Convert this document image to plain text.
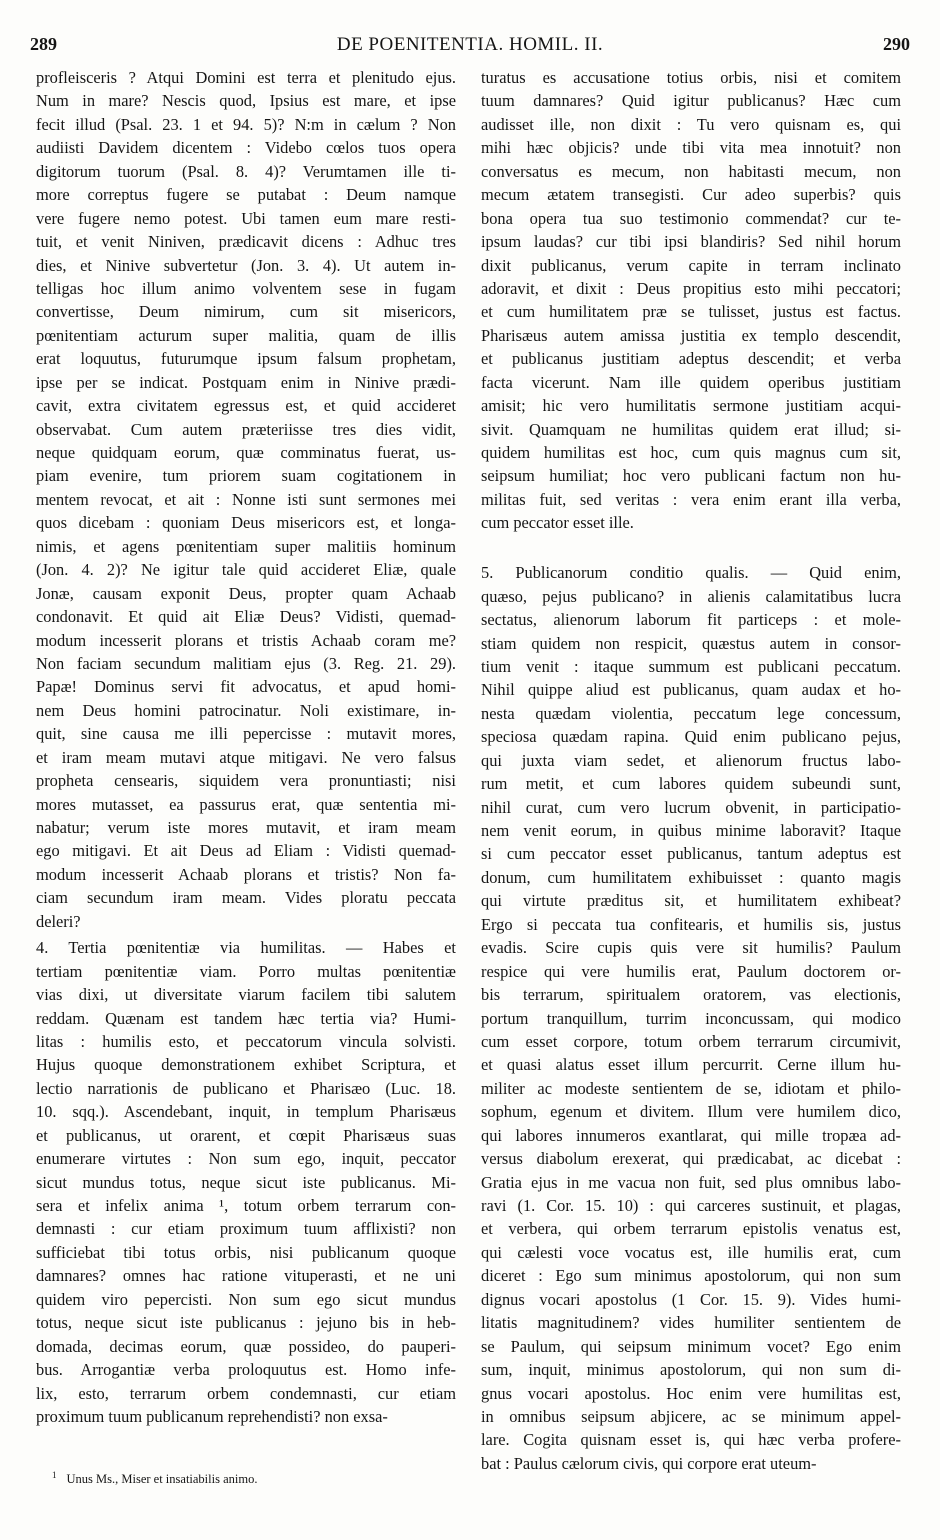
289	DE POENITENTIA. HOMIL. II.	290
profleisceris ? Atqui Domini est terra et plenitudo ejus.
Num in mare? Nescis quod, Ipsius est mare, et ipse
fecit illud (Psal. 23. 1 et 94. 5)? N:m in cælum ? Non
audiisti Davidem dicentem : Videbo cœlos tuos opera
digitorum tuorum (Psal. 8. 4)? Verumtamen ille ti-
more correptus fugere se putabat : Deum namque
vere fugere nemo potest. Ubi tamen eum mare resti-
tuit, et venit Niniven, prædicavit dicens : Adhuc tres
dies, et Ninive subvertetur (Jon. 3. 4). Ut autem in-
telligas hoc illum animo volventem sese in fugam
convertisse, Deum nimirum, cum sit misericors,
pœnitentiam acturum super malitia, quam de illis
erat loquutus, futurumque ipsum falsum prophetam,
ipse per se indicat. Postquam enim in Ninive prædi-
cavit, extra civitatem egressus est, et quid accideret
observabat. Cum autem præteriisse tres dies vidit,
neque quidquam eorum, quæ comminatus fuerat, us-
piam evenire, tum priorem suam cogitationem in
mentem revocat, et ait : Nonne isti sunt sermones mei
quos dicebam : quoniam Deus misericors est, et longa-
nimis, et agens pœnitentiam super malitiis hominum
(Jon. 4. 2)? Ne igitur tale quid accideret Eliæ, quale
Jonæ, causam exponit Deus, propter quam Achaab
condonavit. Et quid ait Eliæ Deus? Vidisti, quemad-
modum incesserit plorans et tristis Achaab coram me?
Non faciam secundum malitiam ejus (3. Reg. 21. 29).
Papæ! Dominus servi fit advocatus, et apud homi-
nem Deus homini patrocinatur. Noli existimare, in-
quit, sine causa me illi pepercisse : mutavit mores,
et iram meam mutavi atque mitigavi. Ne vero falsus
propheta censearis, siquidem vera pronuntiasti; nisi
mores mutasset, ea passurus erat, quæ sententia mi-
nabatur; verum iste mores mutavit, et iram meam
ego mitigavi. Et ait Deus ad Eliam : Vidisti quemad-
modum incesserit Achaab plorans et tristis? Non fa-
ciam secundum iram meam. Vides ploratu peccata
deleri?
4. Tertia pœnitentiæ via humilitas. — Habes et
tertiam pœnitentiæ viam. Porro multas pœnitentiæ
vias dixi, ut diversitate viarum facilem tibi salutem
reddam. Quænam est tandem hæc tertia via? Humi-
litas : humilis esto, et peccatorum vincula solvisti.
Hujus quoque demonstrationem exhibet Scriptura, et
lectio narrationis de publicano et Pharisæo (Luc. 18.
10. sqq.). Ascendebant, inquit, in templum Pharisæus
et publicanus, ut orarent, et cœpit Pharisæus suas
enumerare virtutes : Non sum ego, inquit, peccator
sicut mundus totus, neque sicut iste publicanus. Mi-
sera et infelix anima ¹, totum orbem terrarum con-
demnasti : cur etiam proximum tuum afflixisti? non
sufficiebat tibi totus orbis, nisi publicanum quoque
damnares? omnes hac ratione vituperasti, et ne uni
quidem viro pepercisti. Non sum ego sicut mundus
totus, neque sicut iste publicanus : jejuno bis in heb-
domada, decimas eorum, quæ possideo, do pauperi-
bus. Arrogantiæ verba proloquutus est. Homo infe-
lix, esto, terrarum orbem condemnasti, cur etiam
proximum tuum publicanum reprehendisti? non exsa-
turatus es accusatione totius orbis, nisi et comitem
tuum damnares? Quid igitur publicanus? Hæc cum
audisset ille, non dixit : Tu vero quisnam es, qui
mihi hæc objicis? unde tibi vita mea innotuit? non
conversatus es mecum, non habitasti mecum, non
mecum ætatem transegisti. Cur adeo superbis? quis
bona opera tua suo testimonio commendat? cur te-
ipsum laudas? cur tibi ipsi blandiris? Sed nihil horum
dixit publicanus, verum capite in terram inclinato
adoravit, et dixit : Deus propitius esto mihi peccatori;
et cum humilitatem præ se tulisset, justus est factus.
Pharisæus autem amissa justitia ex templo descendit,
et publicanus justitiam adeptus descendit; et verba
facta vicerunt. Nam ille quidem operibus justitiam
amisit; hic vero humilitatis sermone justitiam acqui-
sivit. Quamquam ne humilitas quidem erat illud; si-
quidem humilitas est hoc, cum quis magnus cum sit,
seipsum humiliat; hoc vero publicani factum non hu-
militas fuit, sed veritas : vera enim erant illa verba,
cum peccator esset ille.
5. Publicanorum conditio qualis. — Quid enim,
quæso, pejus publicano? in alienis calamitatibus lucra
sectatus, alienorum laborum fit particeps : et mole-
stiam quidem non respicit, quæstus autem in consor-
tium venit : itaque summum est publicani peccatum.
Nihil quippe aliud est publicanus, quam audax et ho-
nesta quædam violentia, peccatum lege concessum,
speciosa quædam rapina. Quid enim publicano pejus,
qui juxta viam sedet, et alienorum fructus labo-
rum metit, et cum labores quidem subeundi sunt,
nihil curat, cum vero lucrum obvenit, in participatio-
nem venit eorum, in quibus minime laboravit? Itaque
si cum peccator esset publicanus, tantum adeptus est
donum, cum humilitatem exhibuisset : quanto magis
qui virtute præditus sit, et humilitatem exhibeat?
Ergo si peccata tua confitearis, et humilis sis, justus
evadis. Scire cupis quis vere sit humilis? Paulum
respice qui vere humilis erat, Paulum doctorem or-
bis terrarum, spiritualem oratorem, vas electionis,
portum tranquillum, turrim inconcussam, qui modico
cum esset corpore, totum orbem terrarum circumivit,
et quasi alatus esset illum percurrit. Cerne illum hu-
militer ac modeste sentientem de se, idiotam et philo-
sophum, egenum et divitem. Illum vere humilem dico,
qui labores innumeros exantlarat, qui mille tropæa ad-
versus diabolum erexerat, qui prædicabat, ac dicebat :
Gratia ejus in me vacua non fuit, sed plus omnibus labo-
ravi (1. Cor. 15. 10) : qui carceres sustinuit, et plagas,
et verbera, qui orbem terrarum epistolis venatus est,
qui cælesti voce vocatus est, ille humilis erat, cum
diceret : Ego sum minimus apostolorum, qui non sum
dignus vocari apostolus (1 Cor. 15. 9). Vides humi-
litatis magnitudinem? vides humiliter sentientem de
se Paulum, qui seipsum minimum vocet? Ego enim
sum, inquit, minimus apostolorum, qui non sum di-
gnus vocari apostolus. Hoc enim vere humilitas est,
in omnibus seipsum abjicere, ac se minimum appel-
lare. Cogita quisnam esset is, qui hæc verba profere-
bat : Paulus cælorum civis, qui corpore erat uteum-
$^1$ Unus Ms., Miser et insatiabilis animo.
